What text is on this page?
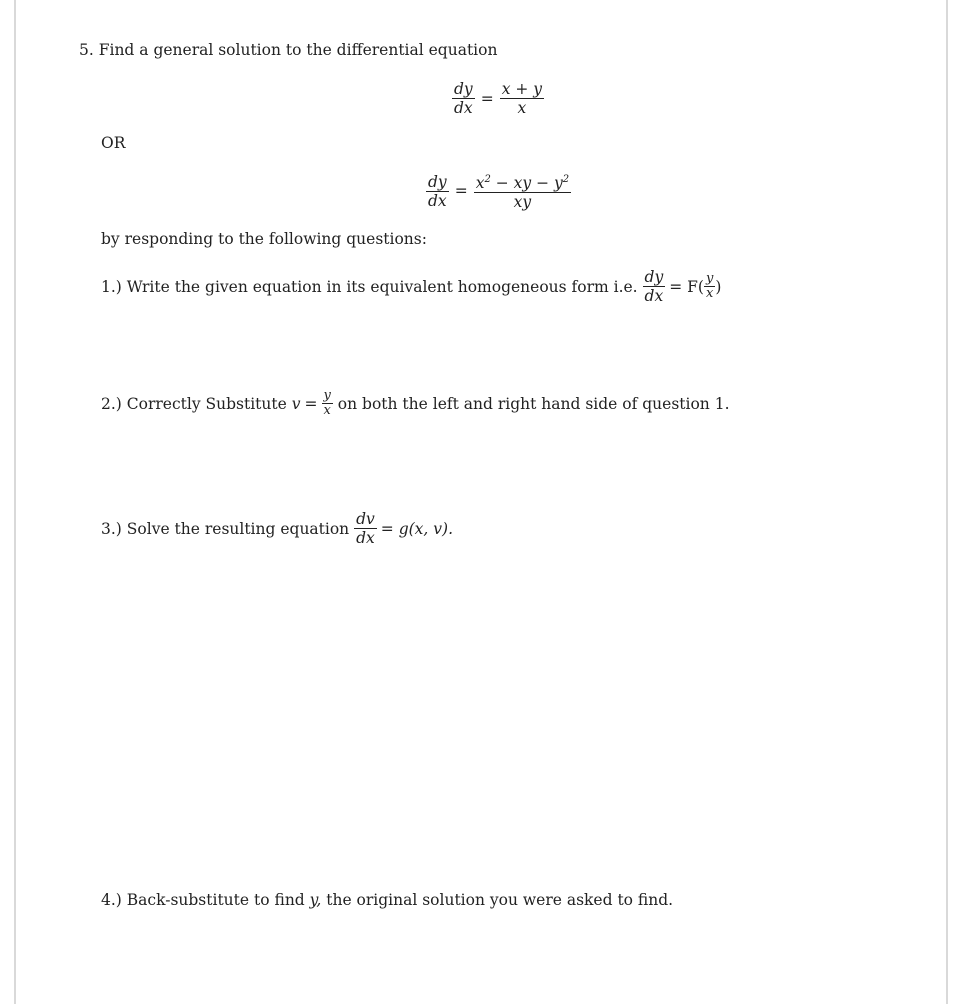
5. Find a general solution to the differential equation
$\frac{dy}{dx} = \frac{x + y}{x}$
OR
$\frac{dy}{dx} = \frac{x^2 - xy - y^2}{xy}$
by responding to the following questions:
1.)
Write the given equation in its equivalent homogeneous form i.e.
$\frac{dy}{dx} = F( \frac{y}{x}$ )
2.)
Correctly Substitute
$v = \frac{y}{x}$
on both the left and right hand side of question 1.
3.)
Solve the resulting equation
$\frac{dv}{dx} = g(x$, v).
4.) Back-substitute to find y, the original solution you were asked to find.
